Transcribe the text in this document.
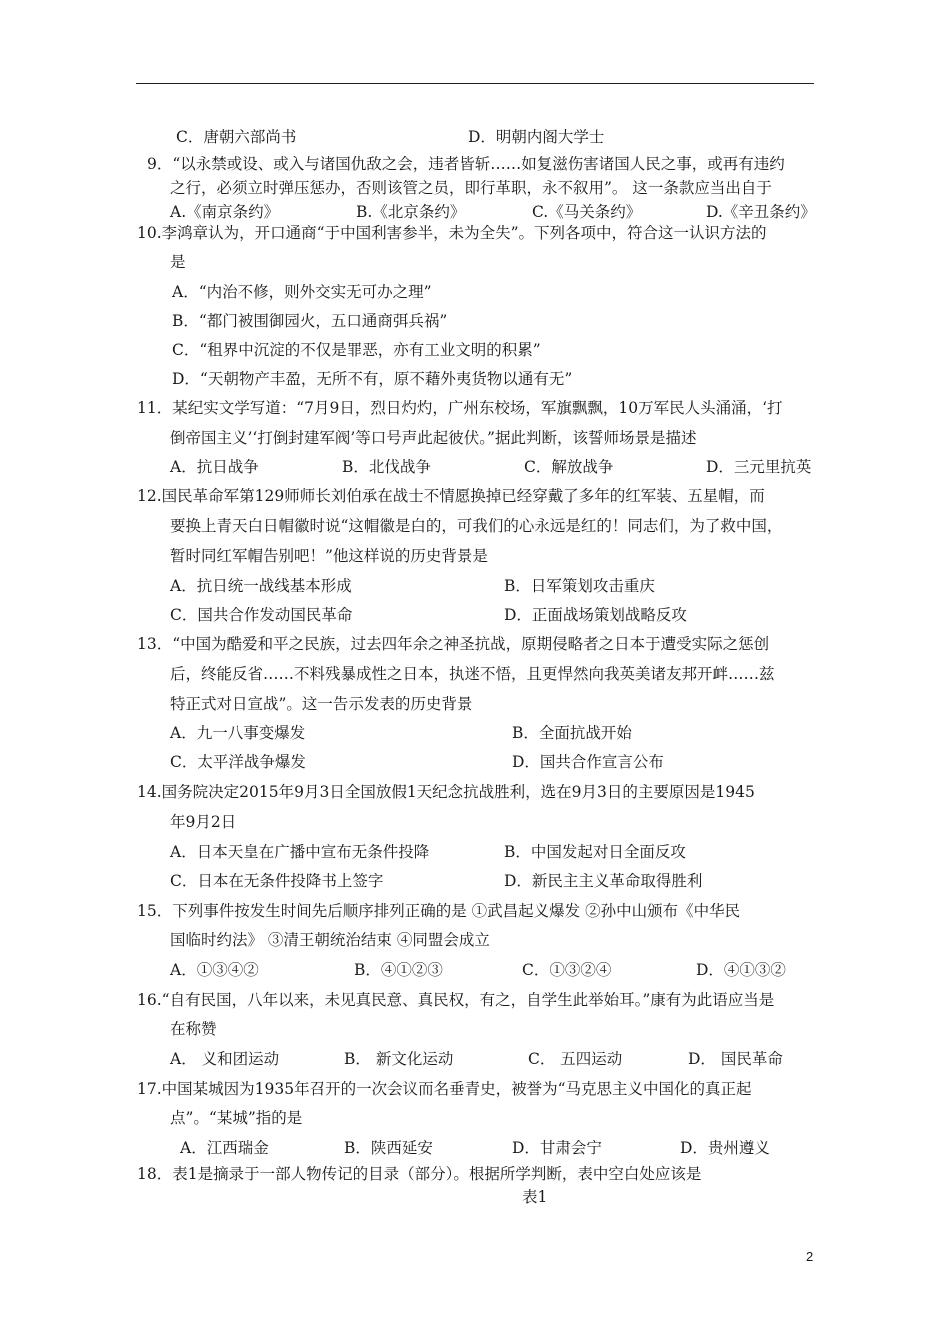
C．唐朝六部尚书	D．明朝内阁大学士
9．“以永禁或设、或入与诸国仇敌之会，违者皆斩……如复滋伤害诸国人民之事，或再有违约
之行，必须立时弹压惩办，否则该管之员，即行革职，永不叙用”。 这一条款应当出自于
A.《南京条约》	B.《北京条约》	C.《马关条约》	D.《辛丑条约》
10.李鸿章认为，开口通商“于中国利害参半，未为全失”。下列各项中，符合这一认识方法的
是
A．“内治不修，则外交实无可办之理”
B．“都门被围御园火，五口通商弭兵祸”
C．“租界中沉淀的不仅是罪恶，亦有工业文明的积累”
D．“天朝物产丰盈，无所不有，原不藉外夷货物以通有无”
11．某纪实文学写道：“7月9日，烈日灼灼，广州东校场，军旗飘飘，10万军民人头涌涌，‘打
倒帝国主义’‘打倒封建军阀’等口号声此起彼伏。”据此判断，该誓师场景是描述
A．抗日战争	B．北伐战争	C．解放战争	D．三元里抗英
12.国民革命军第129师师长刘伯承在战士不情愿换掉已经穿戴了多年的红军装、五星帽，而
要换上青天白日帽徽时说“这帽徽是白的，可我们的心永远是红的！同志们，为了救中国，
暂时同红军帽告别吧！”他这样说的历史背景是
A．抗日统一战线基本形成	B．日军策划攻击重庆
C．国共合作发动国民革命	D．正面战场策划战略反攻
13．“中国为酷爱和平之民族，过去四年余之神圣抗战，原期侵略者之日本于遭受实际之惩创
后，终能反省……不料残暴成性之日本，执迷不悟，且更悍然向我英美诸友邦开衅……兹
特正式对日宣战”。这一告示发表的历史背景
A．九一八事变爆发	B．全面抗战开始
C．太平洋战争爆发	D．国共合作宣言公布
14.国务院决定2015年9月3日全国放假1天纪念抗战胜利，选在9月3日的主要原因是1945
年9月2日
A．日本天皇在广播中宣布无条件投降	B．中国发起对日全面反攻
C．日本在无条件投降书上签字	D．新民主主义革命取得胜利
15．下列事件按发生时间先后顺序排列正确的是 ①武昌起义爆发 ②孙中山颁布《中华民
国临时约法》 ③清王朝统治结束 ④同盟会成立
A．①③④②	B．④①②③	C．①③②④	D．④①③②
16.“自有民国，八年以来，未见真民意、真民权，有之，自学生此举始耳。”康有为此语应当是
在称赞
A． 义和团运动	B． 新文化运动	C． 五四运动	D． 国民革命
17.中国某城因为1935年召开的一次会议而名垂青史，被誉为“马克思主义中国化的真正起
点”。“某城”指的是
A．江西瑞金	B．陕西延安	D．甘肃会宁	D．贵州遵义
18．表1是摘录于一部人物传记的目录（部分）。根据所学判断，表中空白处应该是
表1
2
